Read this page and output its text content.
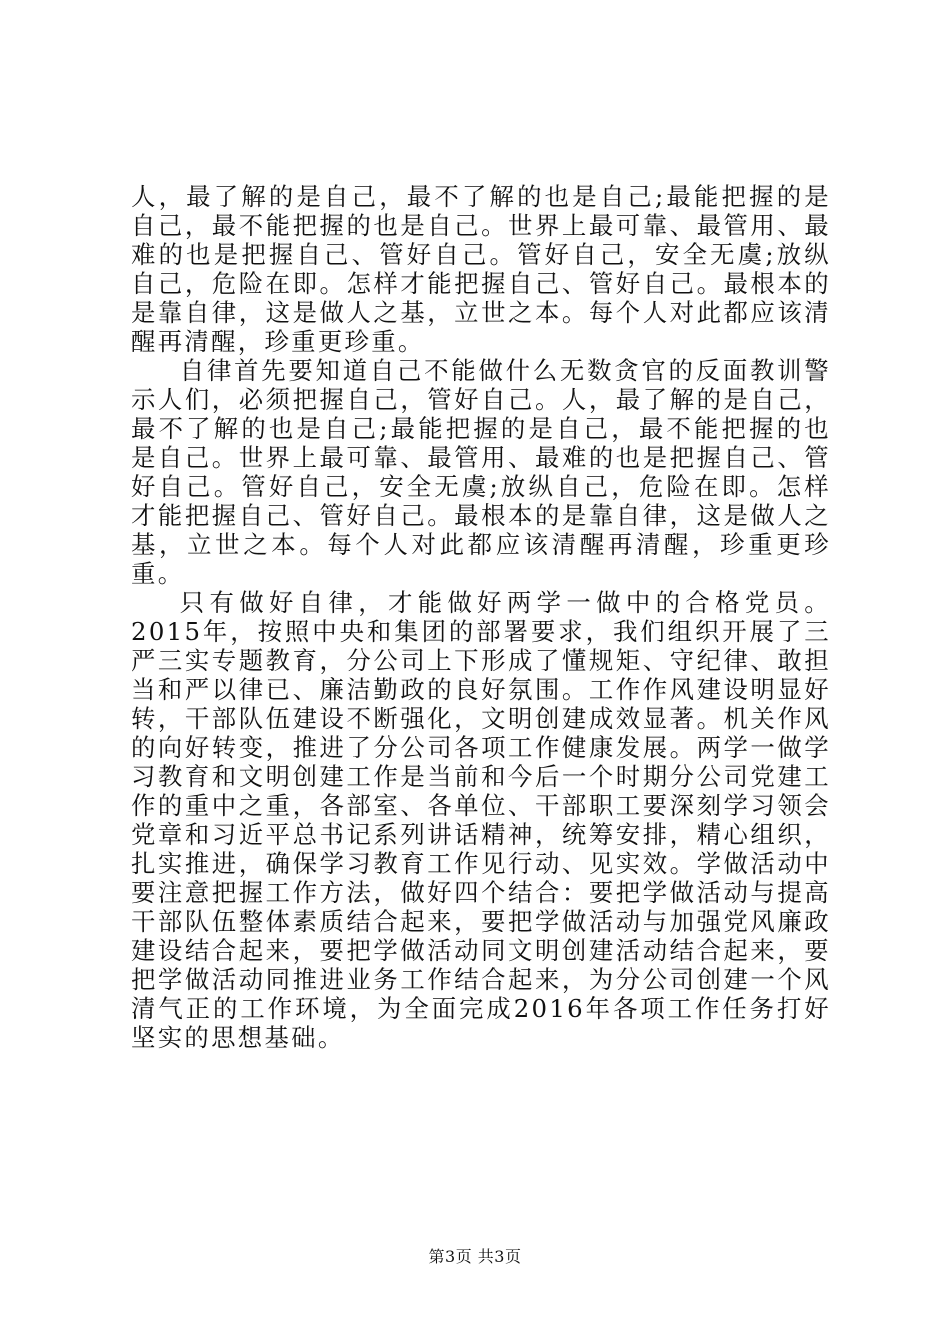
人，最了解的是自己，最不了解的也是自己;最能把握的是自己，最不能把握的也是自己。世界上最可靠、最管用、最难的也是把握自己、管好自己。管好自己，安全无虞;放纵自己，危险在即。怎样才能把握自己、管好自己。最根本的是靠自律，这是做人之基，立世之本。每个人对此都应该清醒再清醒，珍重更珍重。

自律首先要知道自己不能做什么无数贪官的反面教训警示人们，必须把握自己，管好自己。人，最了解的是自己，最不了解的也是自己;最能把握的是自己，最不能把握的也是自己。世界上最可靠、最管用、最难的也是把握自己、管好自己。管好自己，安全无虞;放纵自己，危险在即。怎样才能把握自己、管好自己。最根本的是靠自律，这是做人之基，立世之本。每个人对此都应该清醒再清醒，珍重更珍重。

只有做好自律，才能做好两学一做中的合格党员。2015年，按照中央和集团的部署要求，我们组织开展了三严三实专题教育，分公司上下形成了懂规矩、守纪律、敢担当和严以律已、廉洁勤政的良好氛围。工作作风建设明显好转，干部队伍建设不断强化，文明创建成效显著。机关作风的向好转变，推进了分公司各项工作健康发展。两学一做学习教育和文明创建工作是当前和今后一个时期分公司党建工作的重中之重，各部室、各单位、干部职工要深刻学习领会党章和习近平总书记系列讲话精神，统筹安排，精心组织，扎实推进，确保学习教育工作见行动、见实效。学做活动中要注意把握工作方法，做好四个结合：要把学做活动与提高干部队伍整体素质结合起来，要把学做活动与加强党风廉政建设结合起来，要把学做活动同文明创建活动结合起来，要把学做活动同推进业务工作结合起来，为分公司创建一个风清气正的工作环境，为全面完成2016年各项工作任务打好坚实的思想基础。

第3页 共3页
